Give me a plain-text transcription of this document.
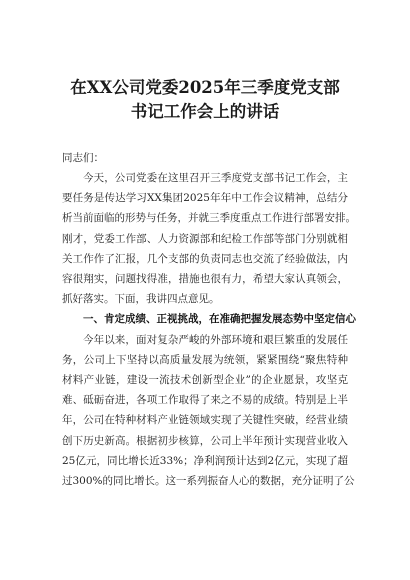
在XX公司党委2025年三季度党支部
书记工作会上的讲话

同志们：

今天，公司党委在这里召开三季度党支部书记工作会，主

要任务是传达学习XX集团2025年年中工作会议精神，总结分

析当前面临的形势与任务，并就三季度重点工作进行部署安排。

刚才，党委工作部、人力资源部和纪检工作部等部门分别就相

关工作作了汇报，几个支部的负责同志也交流了经验做法，内

容很翔实，问题找得准，措施也很有力，希望大家认真领会，

抓好落实。下面，我讲四点意见。

一、肯定成绩、正视挑战，在准确把握发展态势中坚定信心

今年以来，面对复杂严峻的外部环境和艰巨繁重的发展任

务，公司上下坚持以高质量发展为统领，紧紧围绕“聚焦特种

材料产业链，建设一流技术创新型企业”的企业愿景，攻坚克

难、砥砺奋进，各项工作取得了来之不易的成绩。特别是上半

年，公司在特种材料产业链领域实现了关键性突破，经营业绩

创下历史新高。根据初步核算，公司上半年预计实现营业收入

25亿元，同比增长近33%；净利润预计达到2亿元，实现了超

过300%的同比增长。这一系列振奋人心的数据，充分证明了公
